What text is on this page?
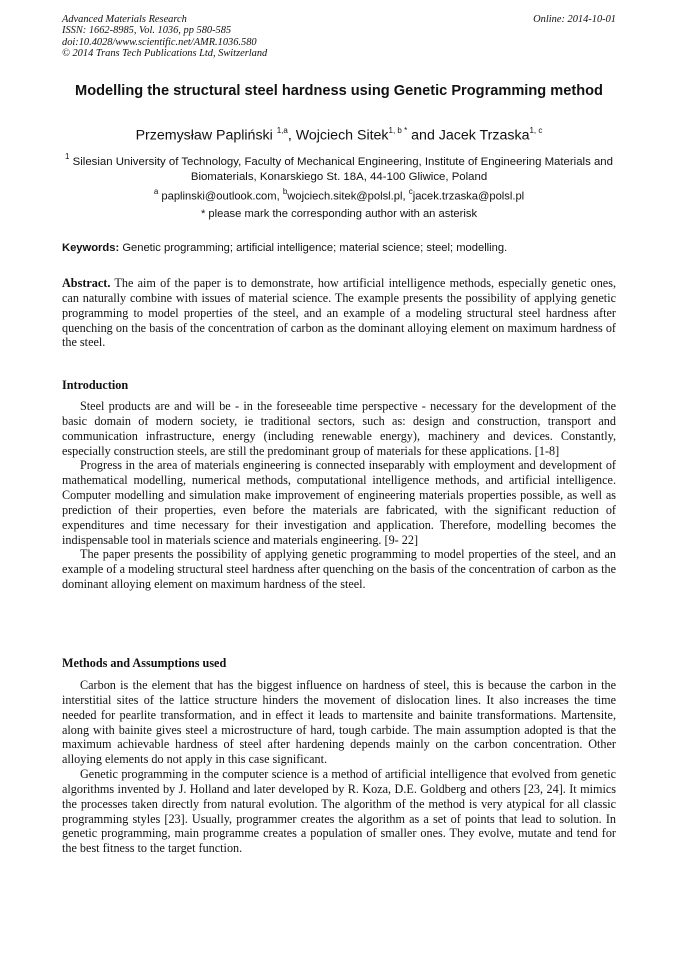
Advanced Materials Research
ISSN: 1662-8985, Vol. 1036, pp 580-585
doi:10.4028/www.scientific.net/AMR.1036.580
© 2014 Trans Tech Publications Ltd, Switzerland
Online: 2014-10-01
Modelling the structural steel hardness using Genetic Programming method
Przemysław Papliński $^{1,a}$, Wojciech Sitek$^{1, b *}$ and Jacek Trzaska$^{1, c}$
$^1$ Silesian University of Technology, Faculty of Mechanical Engineering, Institute of Engineering Materials and Biomaterials, Konarskiego St. 18A, 44-100 Gliwice, Poland
$^a$ paplinski@outlook.com, $^b$wojciech.sitek@polsl.pl, $^c$jacek.trzaska@polsl.pl
* please mark the corresponding author with an asterisk
Keywords: Genetic programming; artificial intelligence; material science; steel; modelling.

Abstract. The aim of the paper is to demonstrate, how artificial intelligence methods, especially genetic ones, can naturally combine with issues of material science. The example presents the possibility of applying genetic programming to model properties of the steel, and an example of a modeling structural steel hardness after quenching on the basis of the concentration of carbon as the dominant alloying element on maximum hardness of the steel.

Introduction

Steel products are and will be - in the foreseeable time perspective - necessary for the development of the basic domain of modern society, ie traditional sectors, such as: design and construction, transport and communication infrastructure, energy (including renewable energy), machinery and devices. Constantly, especially construction steels, are still the predominant group of materials for these applications. [1-8]

Progress in the area of materials engineering is connected inseparably with employment and development of mathematical modelling, numerical methods, computational intelligence methods, and artificial intelligence. Computer modelling and simulation make improvement of engineering materials properties possible, as well as prediction of their properties, even before the materials are fabricated, with the significant reduction of expenditures and time necessary for their investigation and application. Therefore, modelling becomes the indispensable tool in materials science and materials engineering. [9- 22]

The paper presents the possibility of applying genetic programming to model properties of the steel, and an example of a modeling structural steel hardness after quenching on the basis of the concentration of carbon as the dominant alloying element on maximum hardness of the steel.

Methods and Assumptions used

Carbon is the element that has the biggest influence on hardness of steel, this is because the carbon in the interstitial sites of the lattice structure hinders the movement of dislocation lines. It also increases the time needed for pearlite transformation, and in effect it leads to martensite and bainite transformations. Martensite, along with bainite gives steel a microstructure of hard, tough carbide. The main assumption adopted is that the maximum achievable hardness of steel after hardening depends mainly on the carbon concentration. Other alloying elements do not apply in this case significant.

Genetic programming in the computer science is a method of artificial intelligence that evolved from genetic algorithms invented by J. Holland and later developed by R. Koza, D.E. Goldberg and others [23, 24]. It mimics the processes taken directly from natural evolution. The algorithm of the method is very atypical for all classic programming styles [23]. Usually, programmer creates the algorithm as a set of points that lead to solution. In genetic programming, main programme creates a population of smaller ones. They evolve, mutate and tend for the best fitness to the target function.
